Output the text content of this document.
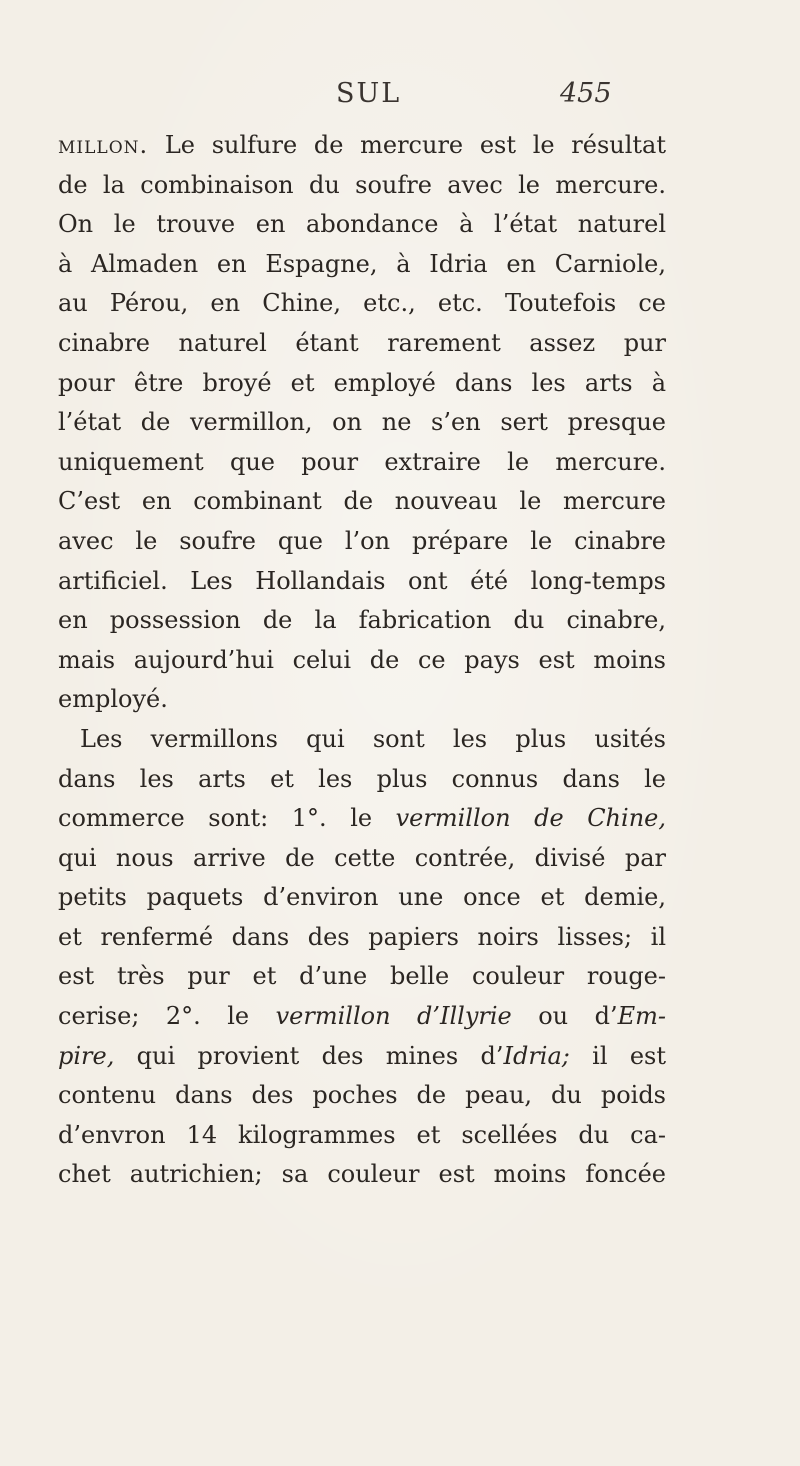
SUL	455
millon. Le sulfure de mercure est le résultat
de la combinaison du soufre avec le mercure.
On le trouve en abondance à l’état naturel
à Almaden en Espagne, à Idria en Carniole,
au Pérou, en Chine, etc., etc. Toutefois ce
cinabre naturel étant rarement assez pur
pour être broyé et employé dans les arts à
l’état de vermillon, on ne s’en sert presque
uniquement que pour extraire le mercure.
C’est en combinant de nouveau le mercure
avec le soufre que l’on prépare le cinabre
artificiel. Les Hollandais ont été long-temps
en possession de la fabrication du cinabre,
mais aujourd’hui celui de ce pays est moins
employé.
Les vermillons qui sont les plus usités
dans les arts et les plus connus dans le
commerce sont: 1°. le vermillon de Chine,
qui nous arrive de cette contrée, divisé par
petits paquets d’environ une once et demie,
et renfermé dans des papiers noirs lisses; il
est très pur et d’une belle couleur rouge-
cerise; 2°. le vermillon d’Illyrie ou d’Em-
pire, qui provient des mines d’Idria; il est
contenu dans des poches de peau, du poids
d’envron 14 kilogrammes et scellées du ca-
chet autrichien; sa couleur est moins foncée
